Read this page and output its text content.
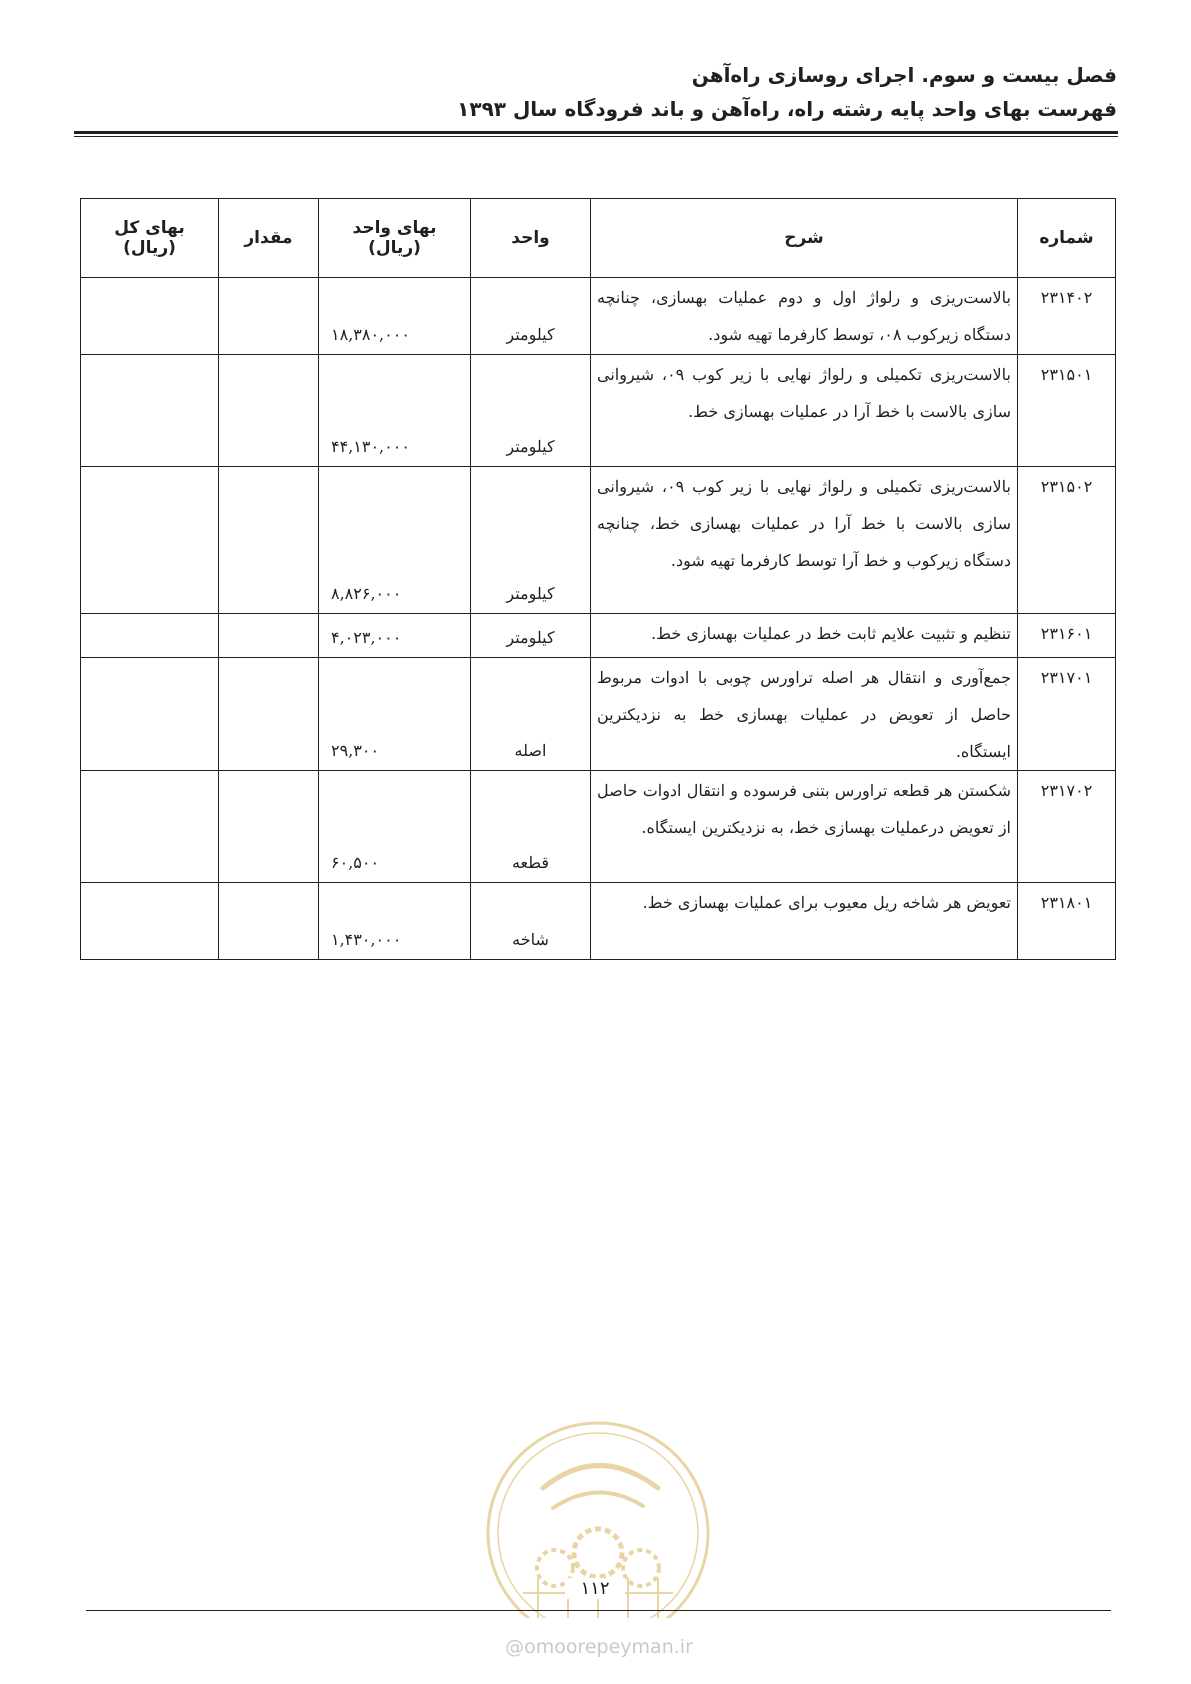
فصل بیست و سوم. اجرای روسازی راه‌آهن
فهرست بهای واحد پایه رشته راه، راه‌آهن و باند فرودگاه سال ۱۳۹۳
شماره	شرح	واحد	بهای واحد (ریال)	مقدار	بهای کل (ریال)
۲۳۱۴۰۲	بالاست‌ریزی و رلواژ اول و دوم عملیات بهسازی، چنانچه دستگاه زیرکوب ۰۸، توسط کارفرما تهیه شود.	کیلومتر	۱۸,۳۸۰,۰۰۰		
۲۳۱۵۰۱	بالاست‌ریزی تکمیلی و رلواژ نهایی با زیر کوب ۰۹، شیروانی سازی بالاست با خط آرا در عملیات بهسازی خط.	کیلومتر	۴۴,۱۳۰,۰۰۰		
۲۳۱۵۰۲	بالاست‌ریزی تکمیلی و رلواژ نهایی با زیر کوب ۰۹، شیروانی سازی بالاست با خط آرا در عملیات بهسازی خط، چنانچه دستگاه زیرکوب و خط آرا توسط کارفرما تهیه شود.	کیلومتر	۸,۸۲۶,۰۰۰		
۲۳۱۶۰۱	تنظیم و تثبیت علایم ثابت خط در عملیات بهسازی خط.	کیلومتر	۴,۰۲۳,۰۰۰		
۲۳۱۷۰۱	جمع‌آوری و انتقال هر اصله تراورس چوبی با ادوات مربوط حاصل از تعویض در عملیات بهسازی خط به نزدیکترین ایستگاه.	اصله	۲۹,۳۰۰		
۲۳۱۷۰۲	شکستن هر قطعه تراورس بتنی فرسوده و انتقال ادوات حاصل از تعویض درعملیات بهسازی خط، به نزدیکترین ایستگاه.	قطعه	۶۰,۵۰۰		
۲۳۱۸۰۱	تعویض هر شاخه ریل معیوب برای عملیات بهسازی خط.	شاخه	۱,۴۳۰,۰۰۰		
۱۱۲
@omoorepeyman.ir
